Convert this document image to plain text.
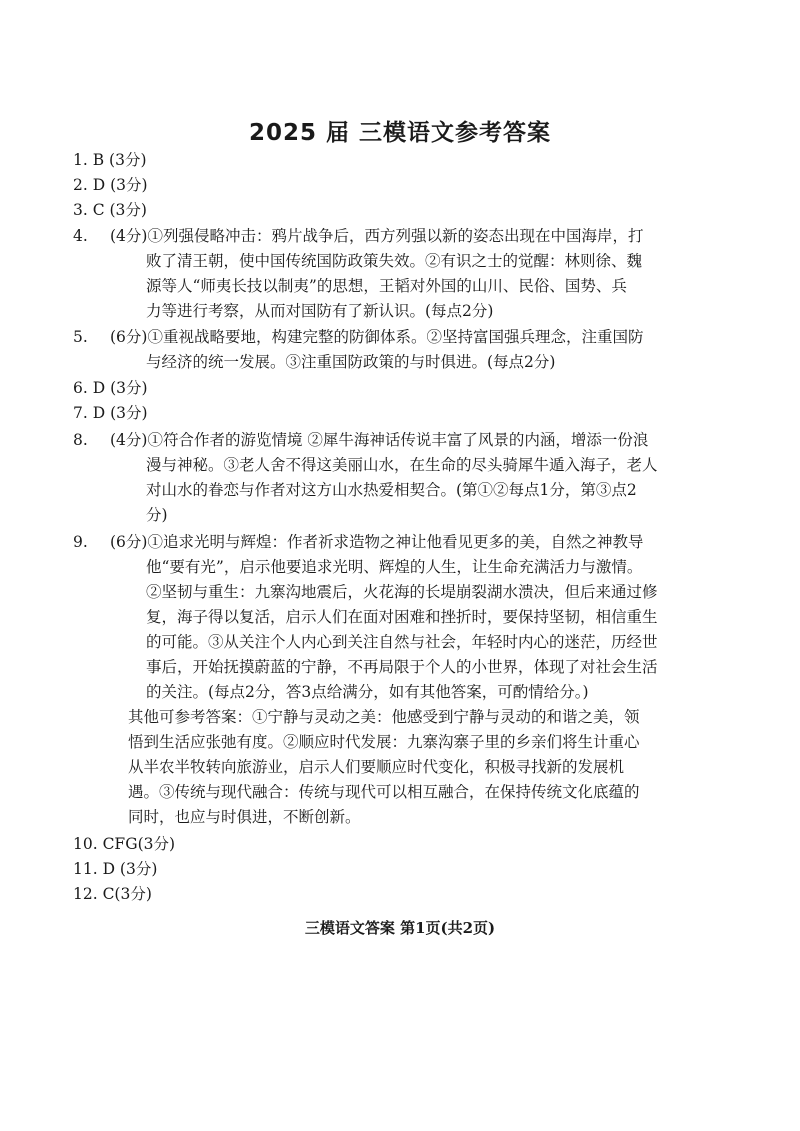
2025 届 三模语文参考答案
1. B (3分)
2. D (3分)
3. C (3分)
4. (4分)①列强侵略冲击：鸦片战争后，西方列强以新的姿态出现在中国海岸，打
败了清王朝，使中国传统国防政策失效。②有识之士的觉醒：林则徐、魏
源等人“师夷长技以制夷”的思想，王韬对外国的山川、民俗、国势、兵
力等进行考察，从而对国防有了新认识。(每点2分)
5. (6分)①重视战略要地，构建完整的防御体系。②坚持富国强兵理念，注重国防
与经济的统一发展。③注重国防政策的与时俱进。(每点2分)
6. D (3分)
7. D (3分)
8. (4分)①符合作者的游览情境 ②犀牛海神话传说丰富了风景的内涵，增添一份浪
漫与神秘。③老人舍不得这美丽山水，在生命的尽头骑犀牛遁入海子，老人
对山水的眷恋与作者对这方山水热爱相契合。(第①②每点1分，第③点2
分)
9. (6分)①追求光明与辉煌：作者祈求造物之神让他看见更多的美，自然之神教导
他“要有光”，启示他要追求光明、辉煌的人生，让生命充满活力与激情。
②坚韧与重生：九寨沟地震后，火花海的长堤崩裂湖水溃决，但后来通过修
复，海子得以复活，启示人们在面对困难和挫折时，要保持坚韧，相信重生
的可能。③从关注个人内心到关注自然与社会，年轻时内心的迷茫，历经世
事后，开始抚摸蔚蓝的宁静，不再局限于个人的小世界，体现了对社会生活
的关注。(每点2分，答3点给满分，如有其他答案，可酌情给分。)
其他可参考答案：①宁静与灵动之美：他感受到宁静与灵动的和谐之美，领
悟到生活应张弛有度。②顺应时代发展：九寨沟寨子里的乡亲们将生计重心
从半农半牧转向旅游业，启示人们要顺应时代变化，积极寻找新的发展机
遇。③传统与现代融合：传统与现代可以相互融合，在保持传统文化底蕴的
同时，也应与时俱进，不断创新。
10. CFG(3分)
11. D (3分)
12. C(3分)
三模语文答案 第1页(共2页)
